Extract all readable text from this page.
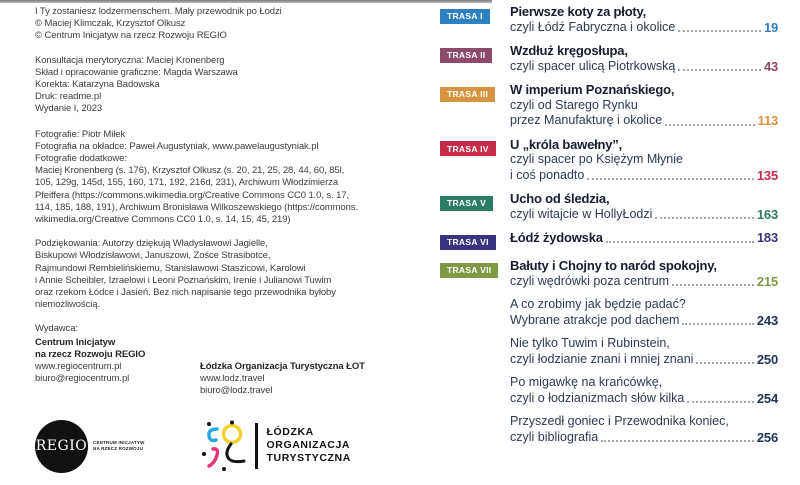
I Ty zostaniesz lodzermenschem. Mały przewodnik po Łodzi
© Maciej Klimczak, Krzysztof Olkusz
© Centrum Inicjatyw na rzecz Rozwoju REGIO
Konsultacja merytoryczna: Maciej Kronenberg
Skład i opracowanie graficzne: Magda Warszawa
Korekta: Katarzyna Badowska
Druk: readme.pl
Wydanie I, 2023
Fotografie: Piotr Miłek
Fotografia na okładce: Paweł Augustyniak, www.pawelaugustyniak.pl
Fotografie dodatkowe:
Maciej Kronenberg (s. 176), Krzysztof Olkusz (s. 20, 21, 25, 28, 44, 60, 85l,
105, 129g, 145d, 155, 160, 171, 192, 216d, 231), Archiwum Włodzimierza
Pfeiffera (https://commons.wikimedia.org/Creative Commons CC0 1.0, s. 17,
114, 185, 188, 191), Archiwum Bronisława Wilkoszewskiego (https://commons.
wikimedia.org/Creative Commons CC0 1.0, s. 14, 15, 45, 219)
Podziękowania: Autorzy dziękują Władysławowi Jagielle,
Biskupowi Włodzisławowi, Januszowi, Zośce Strasibotce,
Rajmundowi Rembielińskiemu, Stanisławowi Staszicowi, Karolowi
i Annie Scheibler, Izraelowi i Leoni Poznańskim, Irenie i Julianowi Tuwim
oraz rzekom Łódce i Jasień. Bez nich napisanie tego przewodnika byłoby
niemożliwością.
Wydawca:
Centrum Inicjatyw
na rzecz Rozwoju REGIO
www.regiocentrum.pl
biuro@regiocentrum.pl
Łódzka Organizacja Turystyczna ŁOT
www.lodz.travel
biuro@lodz.travel
REGIO CENTRUM INICJATYW
NA RZECZ ROZWOJU
ŁÓDZKA
ORGANIZACJA
TURYSTYCZNA
TRASA I	Pierwsze koty za płoty,
czyli Łódź Fabryczna i okolice	19
TRASA II	Wzdłuż kręgosłupa,
czyli spacer ulicą Piotrkowską	43
TRASA III	W imperium Poznańskiego,
czyli od Starego Rynku
przez Manufakturę i okolice	113
TRASA IV	U „króla bawełny”,
czyli spacer po Księżym Młynie
i coś ponadto	135
TRASA V	Ucho od śledzia,
czyli witajcie w HollyŁodzi	163
TRASA VI	Łódź żydowska	183
TRASA VII	Bałuty i Chojny to naród spokojny,
czyli wędrówki poza centrum	215
A co zrobimy jak będzie padać?
Wybrane atrakcje pod dachem	243
Nie tylko Tuwim i Rubinstein,
czyli łodzianie znani i mniej znani	250
Po migawkę na krańcówkę,
czyli o łodzianizmach słów kilka	254
Przyszedł goniec i Przewodnika koniec,
czyli bibliografia	256
